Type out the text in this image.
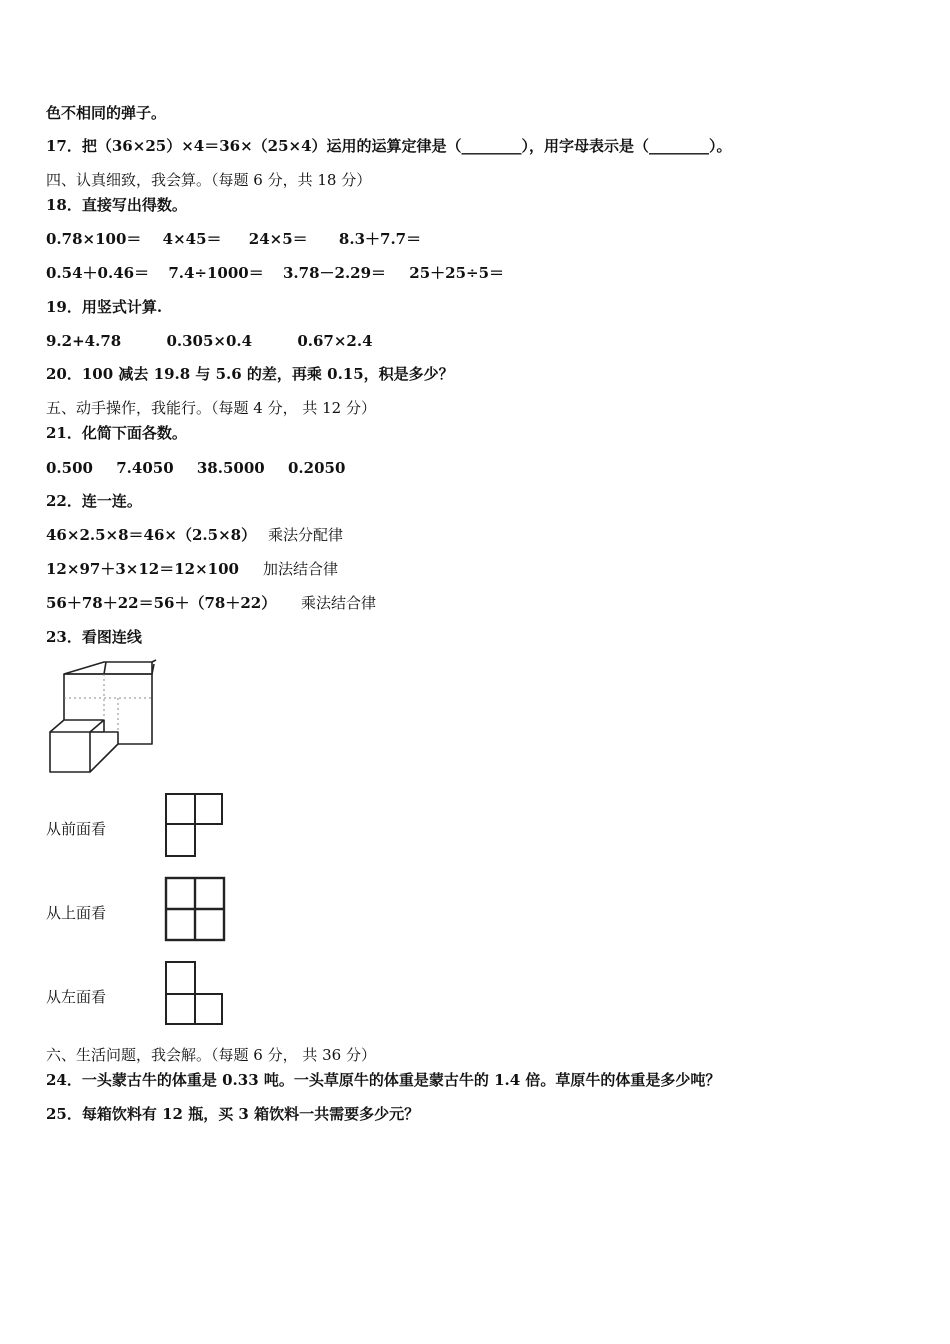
色不相同的弹子。
17．把（36×25）×4＝36×（25×4）运用的运算定律是（________），用字母表示是（________）。
四、认真细致，我会算。（每题 6 分，共 18 分）
18．直接写出得数。
0.78×100＝ 4×45＝ 24×5＝ 8.3＋7.7＝
0.54＋0.46＝ 7.4÷1000＝ 3.78－2.29＝ 25＋25÷5＝
19．用竖式计算.
9.2+4.78	0.305×0.4	0.67×2.4
20．100 减去 19.8 与 5.6 的差，再乘 0.15，积是多少？
五、动手操作，我能行。（每题 4 分， 共 12 分）
21．化简下面各数。
0.500 7.4050 38.5000 0.2050
22．连一连。
46×2.5×8＝46×（2.5×8） 乘法分配律
12×97＋3×12＝12×100 加法结合律
56＋78＋22＝56＋（78＋22） 乘法结合律
23．看图连线
从前面看
从上面看
从左面看
六、生活问题，我会解。（每题 6 分， 共 36 分）
24．一头蒙古牛的体重是 0.33 吨。一头草原牛的体重是蒙古牛的 1.4 倍。草原牛的体重是多少吨？
25．每箱饮料有 12 瓶，买 3 箱饮料一共需要多少元？
